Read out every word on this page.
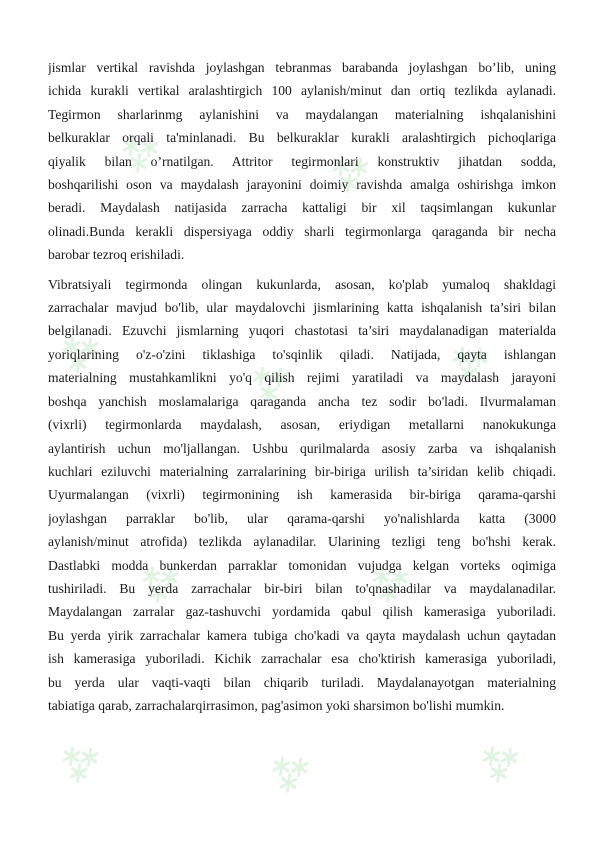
⁂	⁂
⁂
⁂	⁂
⁂	⁂
⁂	⁂	⁂
jismlar vertikal ravishda joylashgan tebranmas barabanda joylashgan bo’lib, uning
ichida kurakli vertikal aralashtirgich 100 aylanish/minut dan ortiq tezlikda aylanadi.
Tegirmon sharlarinmg aylanishini va maydalangan materialning ishqalanishini
belkuraklar orqali ta'minlanadi. Bu belkuraklar kurakli aralashtirgich pichoqlariga
qiyalik bilan o’rnatilgan. Attritor tegirmonlari konstruktiv jihatdan sodda,
boshqarilishi oson va maydalash jarayonini doimiy ravishda amalga oshirishga imkon
beradi. Maydalash natijasida zarracha kattaligi bir xil taqsimlangan kukunlar
olinadi.Bunda kerakli dispersiyaga oddiy sharli tegirmonlarga qaraganda bir necha
barobar tezroq erishiladi.
Vibratsiyali tegirmonda olingan kukunlarda, asosan, ko'plab yumaloq shakldagi
zarrachalar mavjud bo'lib, ular maydalovchi jismlarining katta ishqalanish ta’siri bilan
belgilanadi. Ezuvchi jismlarning yuqori chastotasi ta’siri maydalanadigan materialda
yoriqlarining o'z-o'zini tiklashiga to'sqinlik qiladi. Natijada, qayta ishlangan
materialning mustahkamlikni yo'q qilish rejimi yaratiladi va maydalash jarayoni
boshqa yanchish moslamalariga qaraganda ancha tez sodir bo'ladi. Ilvurmalaman
(vixrli) tegirmonlarda maydalash, asosan, eriydigan metallarni nanokukunga
aylantirish uchun mo'ljallangan. Ushbu qurilmalarda asosiy zarba va ishqalanish
kuchlari eziluvchi materialning zarralarining bir-biriga urilish ta’siridan kelib chiqadi.
Uyurmalangan (vixrli) tegirmonining ish kamerasida bir-biriga qarama-qarshi
joylashgan parraklar bo'lib, ular qarama-qarshi yo'nalishlarda katta (3000
aylanish/minut atrofida) tezlikda aylanadilar. Ularining tezligi teng bo'hshi kerak.
Dastlabki modda bunkerdan parraklar tomonidan vujudga kelgan vorteks oqimiga
tushiriladi. Bu yerda zarrachalar bir-biri bilan to'qnashadilar va maydalanadilar.
Maydalangan zarralar gaz-tashuvchi yordamida qabul qilish kamerasiga yuboriladi.
Bu yerda yirik zarrachalar kamera tubiga cho'kadi va qayta maydalash uchun qaytadan
ish kamerasiga yuboriladi. Kichik zarrachalar esa cho'ktirish kamerasiga yuboriladi,
bu yerda ular vaqti-vaqti bilan chiqarib turiladi. Maydalanayotgan materialning
tabiatiga qarab, zarrachalarqirrasimon, pag'asimon yoki sharsimon bo'lishi mumkin.
